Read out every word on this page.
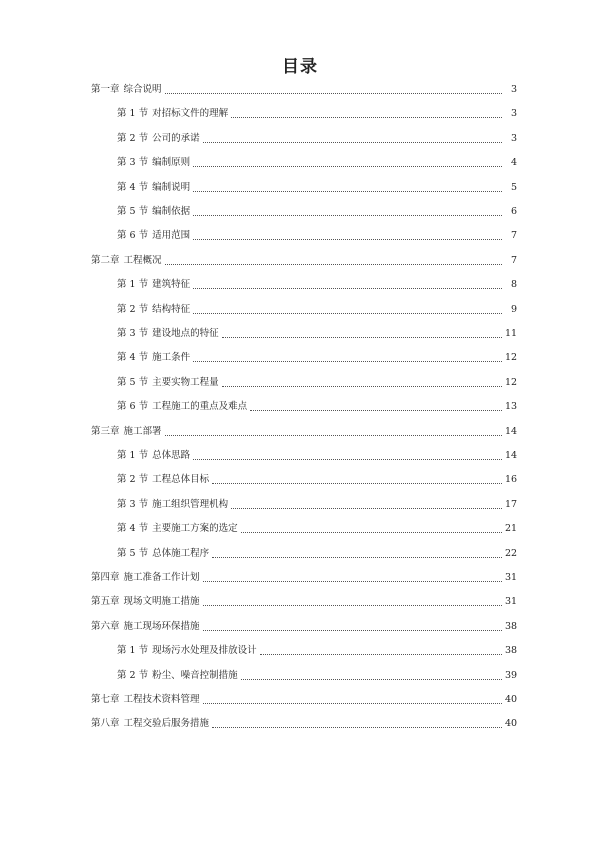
目录
第一章 综合说明	3
第 1 节 对招标文件的理解	3
第 2 节 公司的承诺	3
第 3 节 编制原则	4
第 4 节 编制说明	5
第 5 节 编制依据	6
第 6 节 适用范围	7
第二章 工程概况	7
第 1 节 建筑特征	8
第 2 节 结构特征	9
第 3 节 建设地点的特征	11
第 4 节 施工条件	12
第 5 节 主要实物工程量	12
第 6 节 工程施工的重点及难点	13
第三章 施工部署	14
第 1 节 总体思路	14
第 2 节 工程总体目标	16
第 3 节 施工组织管理机构	17
第 4 节 主要施工方案的选定	21
第 5 节 总体施工程序	22
第四章 施工准备工作计划	31
第五章 现场文明施工措施	31
第六章 施工现场环保措施	38
第 1 节 现场污水处理及排放设计	38
第 2 节 粉尘、噪音控制措施	39
第七章 工程技术资料管理	40
第八章 工程交验后服务措施	40
